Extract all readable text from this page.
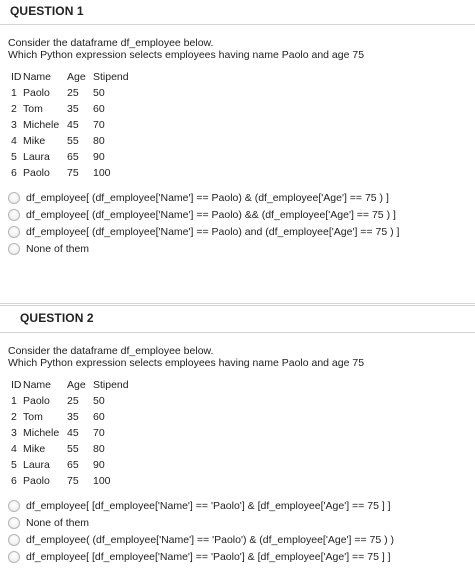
QUESTION 1
Consider the dataframe df_employee below.
Which Python expression selects employees having name Paolo and age 75
ID	Name	Age	Stipend
1	Paolo	25	50
2	Tom	35	60
3	Michele	45	70
4	Mike	55	80
5	Laura	65	90
6	Paolo	75	100
df_employee[ (df_employee['Name'] == Paolo) & (df_employee['Age'] == 75 ) ]
df_employee[ (df_employee['Name'] == Paolo) && (df_employee['Age'] == 75 ) ]
df_employee[ (df_employee['Name'] == Paolo) and (df_employee['Age'] == 75 ) ]
None of them
QUESTION 2
Consider the dataframe df_employee below.
Which Python expression selects employees having name Paolo and age 75
ID	Name	Age	Stipend
1	Paolo	25	50
2	Tom	35	60
3	Michele	45	70
4	Mike	55	80
5	Laura	65	90
6	Paolo	75	100
df_employee[ [df_employee['Name'] == 'Paolo'] & [df_employee['Age'] == 75 ] ]
None of them
df_employee( (df_employee['Name'] == 'Paolo') & (df_employee['Age'] == 75 ) )
df_employee[ [df_employee['Name'] == 'Paolo'] & [df_employee['Age'] == 75 ] ]
